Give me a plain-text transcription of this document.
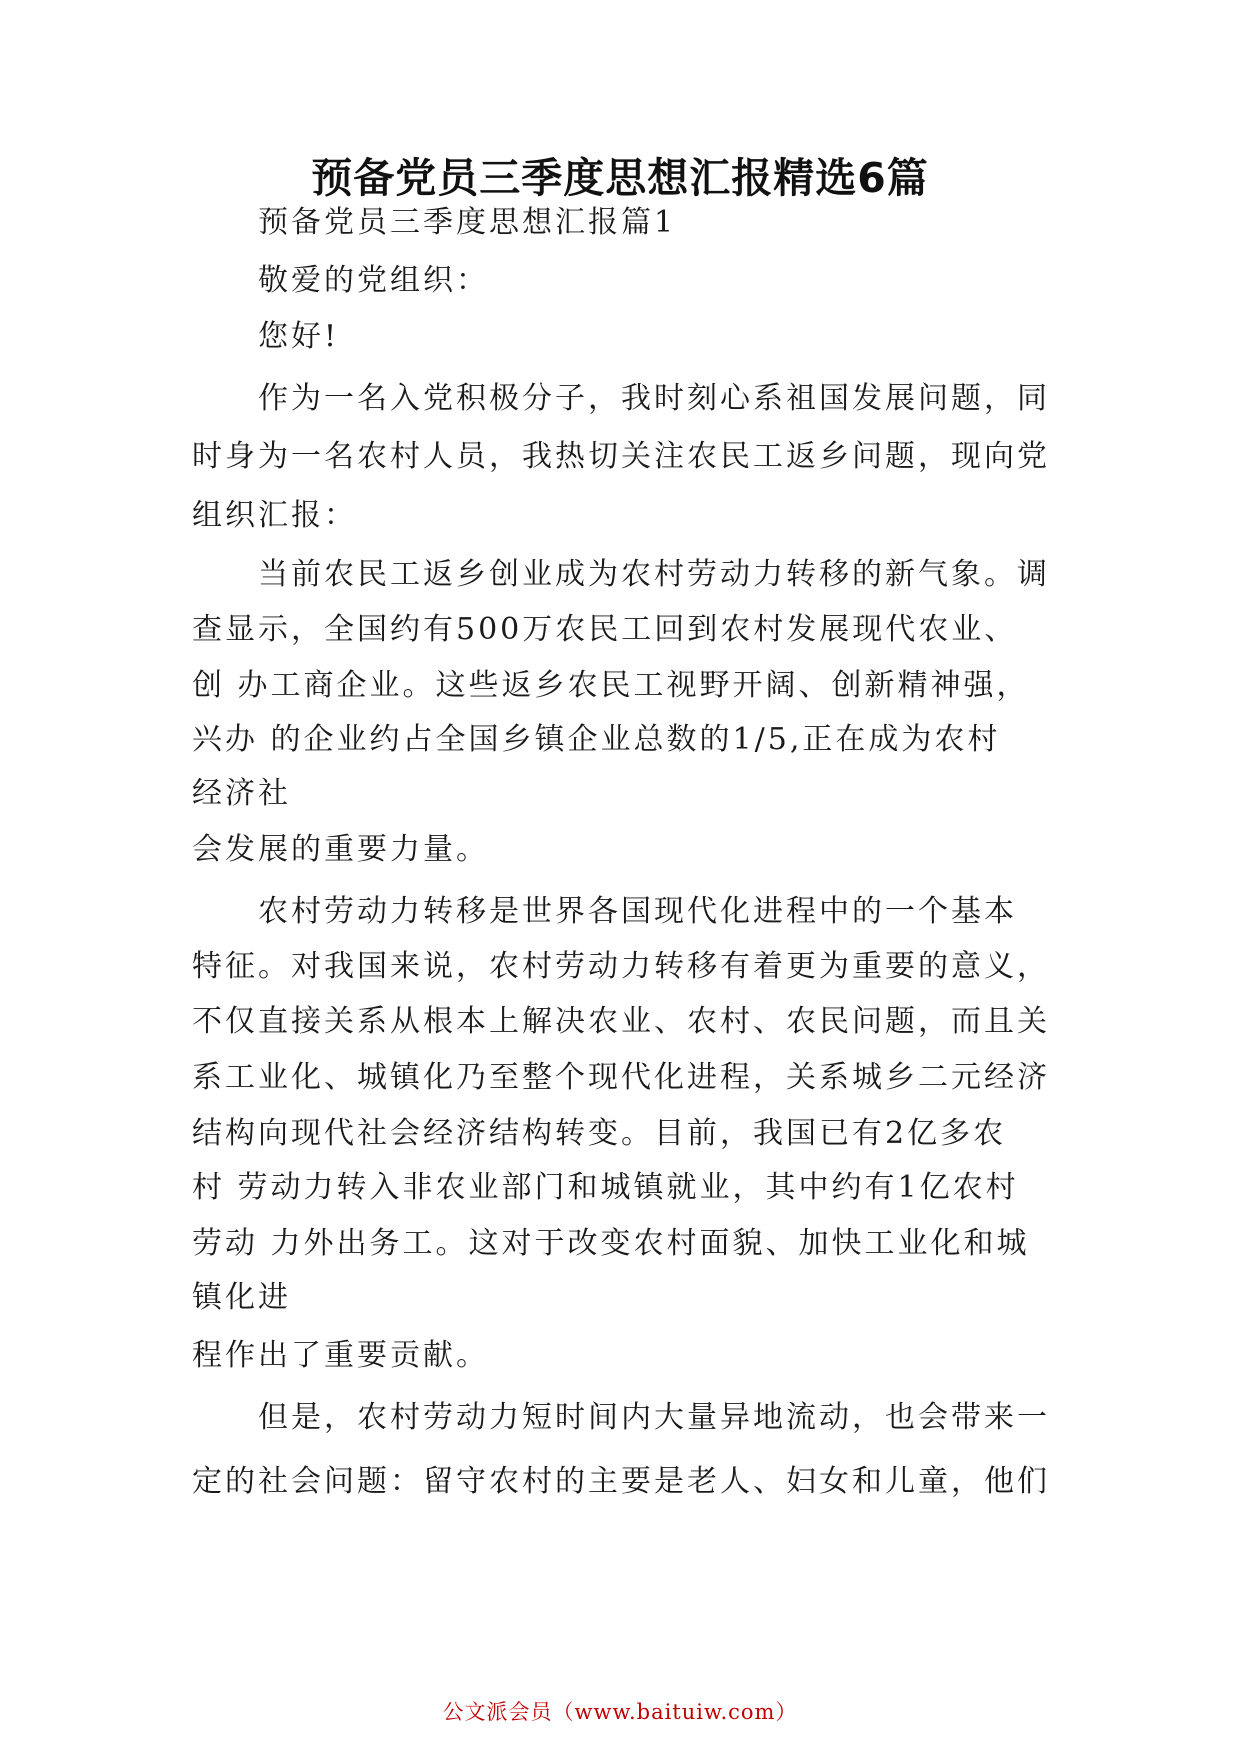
预备党员三季度思想汇报精选6篇
预备党员三季度思想汇报篇1
敬爱的党组织：
您好!
作为一名入党积极分子，我时刻心系祖国发展问题，同
时身为一名农村人员，我热切关注农民工返乡问题，现向党
组织汇报：
当前农民工返乡创业成为农村劳动力转移的新气象。调
查显示，全国约有500万农民工回到农村发展现代农业、
创 办工商企业。这些返乡农民工视野开阔、创新精神强，
兴办 的企业约占全国乡镇企业总数的1/5,正在成为农村
经济社
会发展的重要力量。
农村劳动力转移是世界各国现代化进程中的一个基本
特征。对我国来说，农村劳动力转移有着更为重要的意义，
不仅直接关系从根本上解决农业、农村、农民问题，而且关
系工业化、城镇化乃至整个现代化进程，关系城乡二元经济
结构向现代社会经济结构转变。目前，我国已有2亿多农
村 劳动力转入非农业部门和城镇就业，其中约有1亿农村
劳动 力外出务工。这对于改变农村面貌、加快工业化和城
镇化进
程作出了重要贡献。
但是，农村劳动力短时间内大量异地流动，也会带来一
定的社会问题：留守农村的主要是老人、妇女和儿童，他们
公文派会员（www.baituiw.com）
